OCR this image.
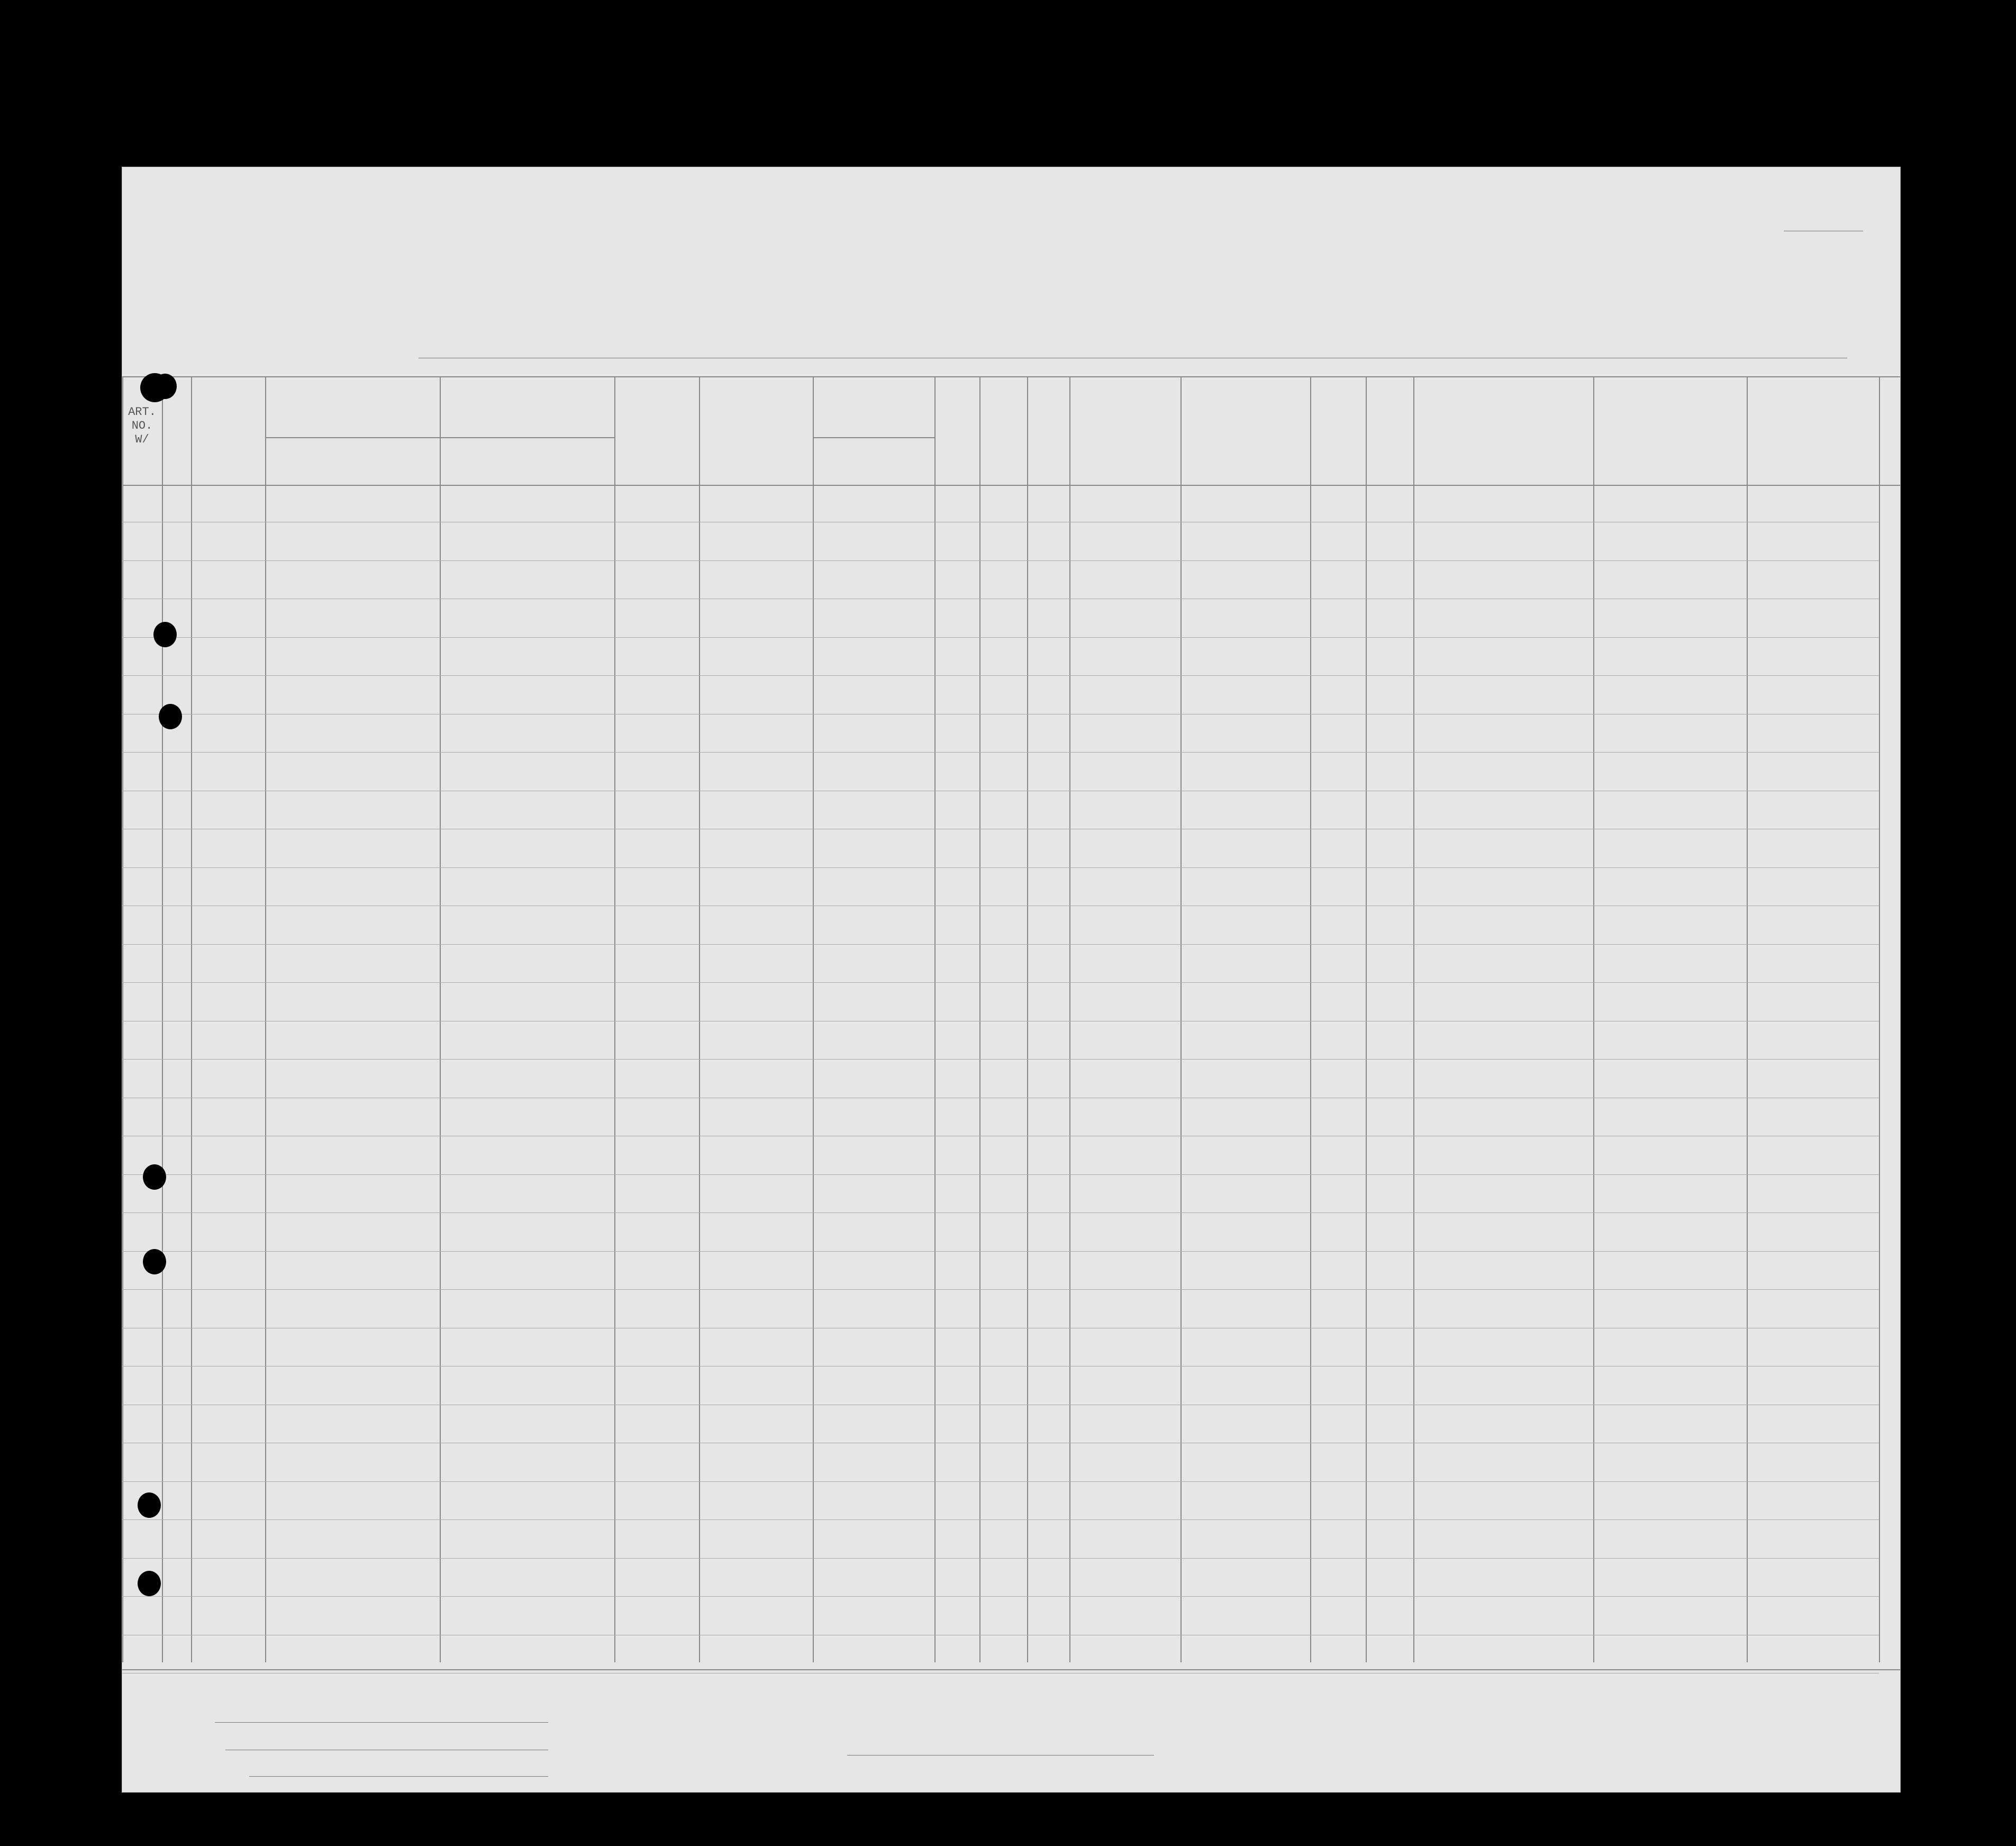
ART. NO. W/
